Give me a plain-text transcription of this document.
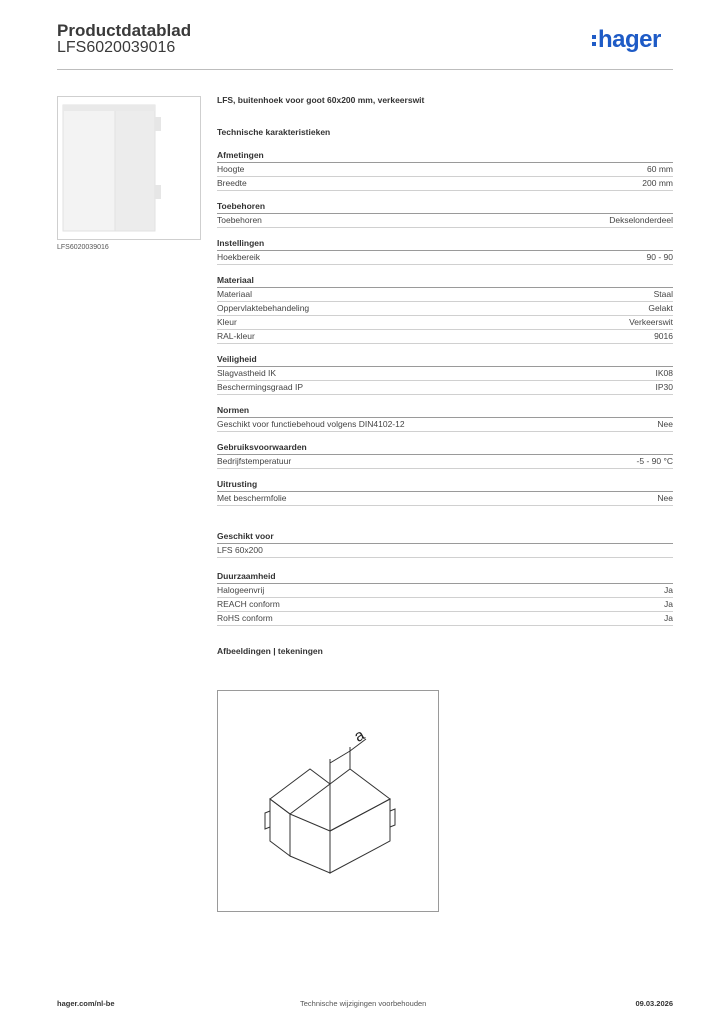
Productdatablad
LFS6020039016	hager
LFS6020039016
LFS, buitenhoek voor goot 60x200 mm, verkeerswit
Technische karakteristieken
Afmetingen
Hoogte	60 mm
Breedte	200 mm
Toebehoren
Toebehoren	Dekselonderdeel
Instellingen
Hoekbereik	90 - 90
Materiaal
Materiaal	Staal
Oppervlaktebehandeling	Gelakt
Kleur	Verkeerswit
RAL-kleur	9016
Veiligheid
Slagvastheid IK	IK08
Beschermingsgraad IP	IP30
Normen
Geschikt voor functiebehoud volgens DIN4102-12	Nee
Gebruiksvoorwaarden
Bedrijfstemperatuur	-5 - 90 °C
Uitrusting
Met beschermfolie	Nee
Geschikt voor
LFS 60x200
Duurzaamheid
Halogeenvrij	Ja
REACH conform	Ja
RoHS conform	Ja
Afbeeldingen | tekeningen
a
hager.com/nl-be	Technische wijzigingen voorbehouden	09.03.2026
